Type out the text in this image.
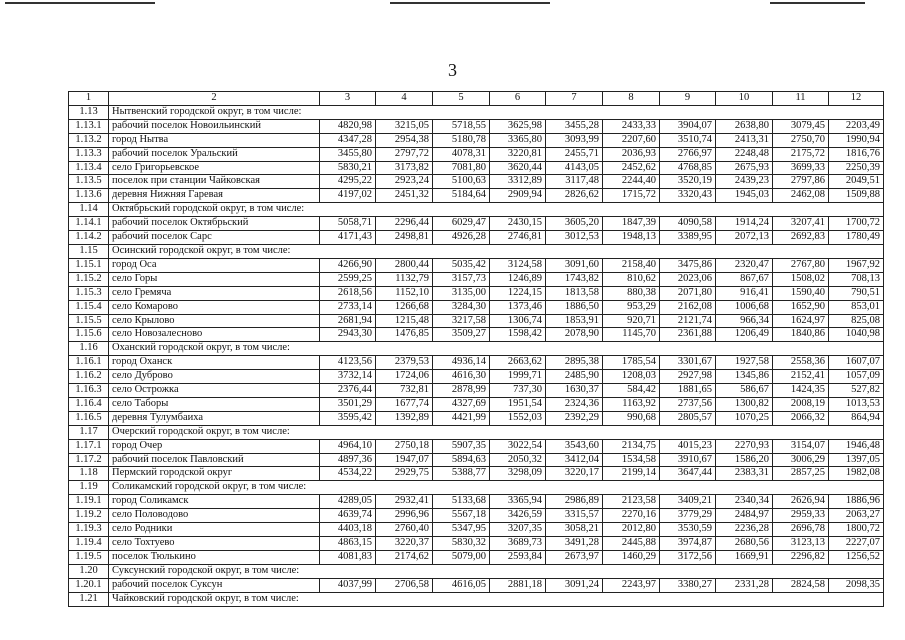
3
1	2	3	4	5	6	7	8	9	10	11	12
1.13	Нытвенский городской округ, в том числе:										
1.13.1	рабочий поселок Новоильинский	4820,98	3215,05	5718,55	3625,98	3455,28	2433,33	3904,07	2638,80	3079,45	2203,49
1.13.2	город Нытва	4347,28	2954,38	5180,78	3365,80	3093,99	2207,60	3510,74	2413,31	2750,70	1990,94
1.13.3	рабочий поселок Уральский	3455,80	2797,72	4078,31	3220,81	2455,71	2036,93	2766,97	2248,48	2175,72	1816,76
1.13.4	село Григорьевское	5830,21	3173,82	7081,80	3620,44	4143,05	2452,62	4768,85	2675,93	3699,33	2250,39
1.13.5	поселок при станции Чайковская	4295,22	2923,24	5100,63	3312,89	3117,48	2244,40	3520,19	2439,23	2797,86	2049,51
1.13.6	деревня Нижняя Гаревая	4197,02	2451,32	5184,64	2909,94	2826,62	1715,72	3320,43	1945,03	2462,08	1509,88
1.14	Октябрьский городской округ, в том числе:										
1.14.1	рабочий поселок Октябрьский	5058,71	2296,44	6029,47	2430,15	3605,20	1847,39	4090,58	1914,24	3207,41	1700,72
1.14.2	рабочий поселок Сарс	4171,43	2498,81	4926,28	2746,81	3012,53	1948,13	3389,95	2072,13	2692,83	1780,49
1.15	Осинский городской округ, в том числе:										
1.15.1	город Оса	4266,90	2800,44	5035,42	3124,58	3091,60	2158,40	3475,86	2320,47	2767,80	1967,92
1.15.2	село Горы	2599,25	1132,79	3157,73	1246,89	1743,82	810,62	2023,06	867,67	1508,02	708,13
1.15.3	село Гремяча	2618,56	1152,10	3135,00	1224,15	1813,58	880,38	2071,80	916,41	1590,40	790,51
1.15.4	село Комарово	2733,14	1266,68	3284,30	1373,46	1886,50	953,29	2162,08	1006,68	1652,90	853,01
1.15.5	село Крылово	2681,94	1215,48	3217,58	1306,74	1853,91	920,71	2121,74	966,34	1624,97	825,08
1.15.6	село Новозалесново	2943,30	1476,85	3509,27	1598,42	2078,90	1145,70	2361,88	1206,49	1840,86	1040,98
1.16	Оханский городской округ, в том числе:										
1.16.1	город Оханск	4123,56	2379,53	4936,14	2663,62	2895,38	1785,54	3301,67	1927,58	2558,36	1607,07
1.16.2	село Дуброво	3732,14	1724,06	4616,30	1999,71	2485,90	1208,03	2927,98	1345,86	2152,41	1057,09
1.16.3	село Острожка	2376,44	732,81	2878,99	737,30	1630,37	584,42	1881,65	586,67	1424,35	527,82
1.16.4	село Таборы	3501,29	1677,74	4327,69	1951,54	2324,36	1163,92	2737,56	1300,82	2008,19	1013,53
1.16.5	деревня Тулумбаиха	3595,42	1392,89	4421,99	1552,03	2392,29	990,68	2805,57	1070,25	2066,32	864,94
1.17	Очерский городской округ, в том числе:										
1.17.1	город Очер	4964,10	2750,18	5907,35	3022,54	3543,60	2134,75	4015,23	2270,93	3154,07	1946,48
1.17.2	рабочий поселок Павловский	4897,36	1947,07	5894,63	2050,32	3412,04	1534,58	3910,67	1586,20	3006,29	1397,05
1.18	Пермский городской округ	4534,22	2929,75	5388,77	3298,09	3220,17	2199,14	3647,44	2383,31	2857,25	1982,08
1.19	Соликамский городской округ, в том числе:										
1.19.1	город Соликамск	4289,05	2932,41	5133,68	3365,94	2986,89	2123,58	3409,21	2340,34	2626,94	1886,96
1.19.2	село Половодово	4639,74	2996,96	5567,18	3426,59	3315,57	2270,16	3779,29	2484,97	2959,33	2063,27
1.19.3	село Родники	4403,18	2760,40	5347,95	3207,35	3058,21	2012,80	3530,59	2236,28	2696,78	1800,72
1.19.4	село Тохтуево	4863,15	3220,37	5830,32	3689,73	3491,28	2445,88	3974,87	2680,56	3123,13	2227,07
1.19.5	поселок Тюлькино	4081,83	2174,62	5079,00	2593,84	2673,97	1460,29	3172,56	1669,91	2296,82	1256,52
1.20	Суксунский городской округ, в том числе:										
1.20.1	рабочий поселок Суксун	4037,99	2706,58	4616,05	2881,18	3091,24	2243,97	3380,27	2331,28	2824,58	2098,35
1.21	Чайковский городской округ, в том числе:										
